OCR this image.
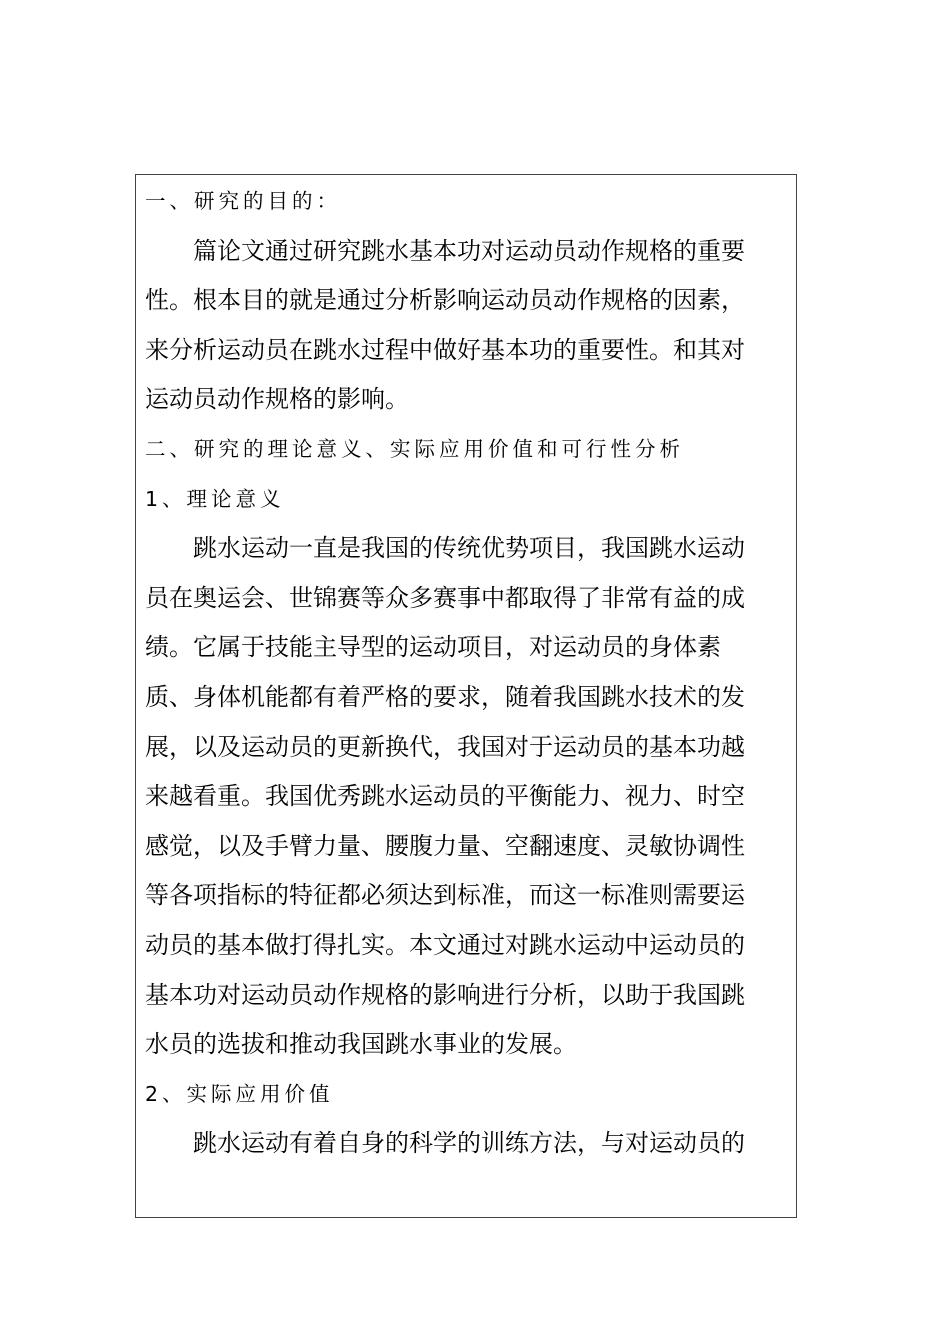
一、研究的目的：

篇论文通过研究跳水基本功对运动员动作规格的重要

性。根本目的就是通过分析影响运动员动作规格的因素，

来分析运动员在跳水过程中做好基本功的重要性。和其对

运动员动作规格的影响。

二、研究的理论意义、实际应用价值和可行性分析

1、理论意义

跳水运动一直是我国的传统优势项目，我国跳水运动

员在奥运会、世锦赛等众多赛事中都取得了非常有益的成

绩。它属于技能主导型的运动项目，对运动员的身体素

质、身体机能都有着严格的要求，随着我国跳水技术的发

展，以及运动员的更新换代，我国对于运动员的基本功越

来越看重。我国优秀跳水运动员的平衡能力、视力、时空

感觉，以及手臂力量、腰腹力量、空翻速度、灵敏协调性

等各项指标的特征都必须达到标准，而这一标准则需要运

动员的基本做打得扎实。本文通过对跳水运动中运动员的

基本功对运动员动作规格的影响进行分析，以助于我国跳

水员的选拔和推动我国跳水事业的发展。

2、实际应用价值

跳水运动有着自身的科学的训练方法，与对运动员的
